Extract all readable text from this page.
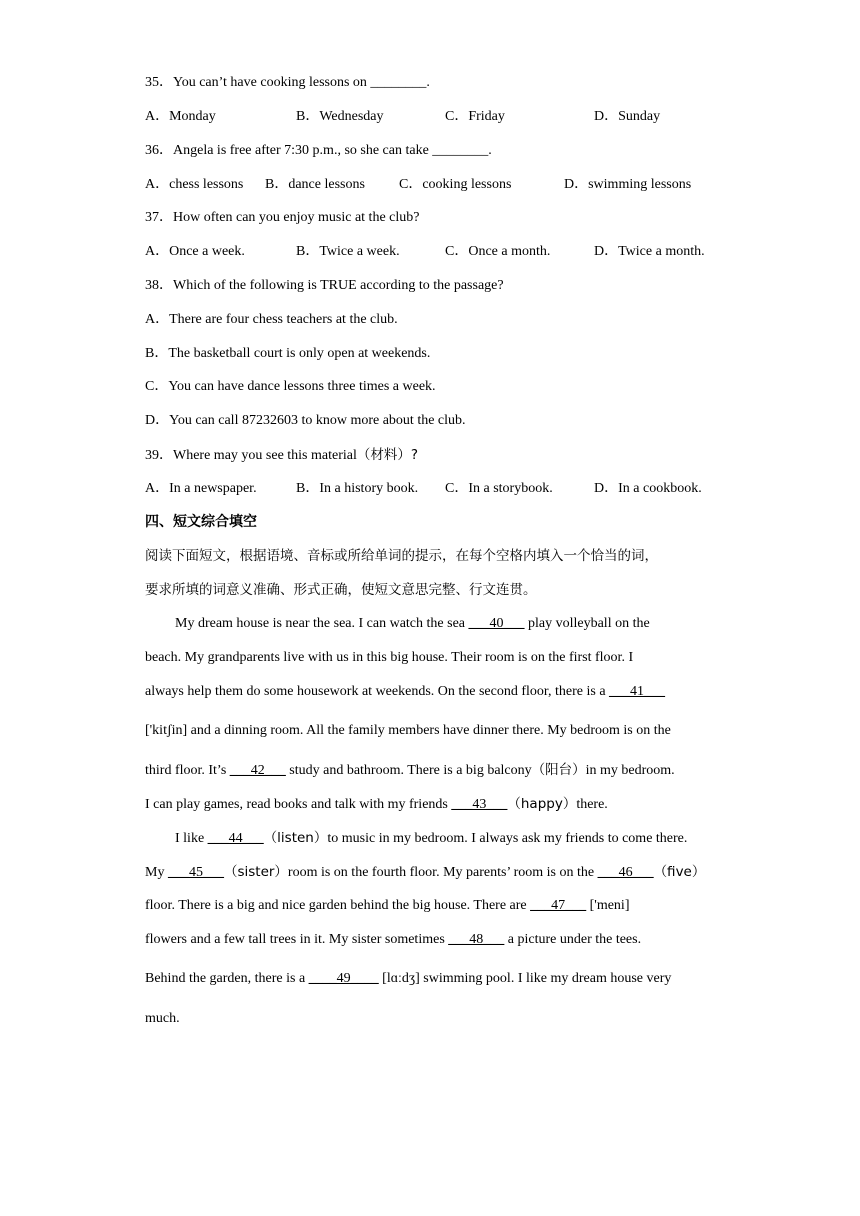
35．You can’t have cooking lessons on ________.
A．Monday	B．Wednesday	C．Friday	D．Sunday
36．Angela is free after 7:30 p.m., so she can take ________.
A．chess lessons B．dance lessons C．cooking lessons	D．swimming lessons
37．How often can you enjoy music at the club?
A．Once a week.	B．Twice a week.	C．Once a month.	D．Twice a month.
38．Which of the following is TRUE according to the passage?
A．There are four chess teachers at the club.
B．The basketball court is only open at weekends.
C．You can have dance lessons three times a week.
D．You can call 87232603 to know more about the club.
39．Where may you see this material（材料）?
A．In a newspaper.	B．In a history book. C．In a storybook.	D．In a cookbook.
四、短文综合填空
阅读下面短文，根据语境、音标或所给单词的提示，在每个空格内填入一个恰当的词，
要求所填的词意义准确、形式正确，使短文意思完整、行文连贯。
My dream house is near the sea. I can watch the sea ___40___ play volleyball on the
beach. My grandparents live with us in this big house. Their room is on the first floor. I
always help them do some housework at weekends. On the second floor, there is a ___41___
['kitʃin] and a dinning room. All the family members have dinner there. My bedroom is on the
third floor. It’s ___42___ study and bathroom. There is a big balcony（阳台）in my bedroom.
I can play games, read books and talk with my friends ___43___（happy）there.
I like ___44___（listen）to music in my bedroom. I always ask my friends to come there.
My ___45___（sister）room is on the fourth floor. My parents’ room is on the ___46___（five）
floor. There is a big and nice garden behind the big house. There are ___47___ ['meni]
flowers and a few tall trees in it. My sister sometimes ___48___ a picture under the tees.
Behind the garden, there is a ____49____ [lɑːdʒ] swimming pool. I like my dream house very
much.
